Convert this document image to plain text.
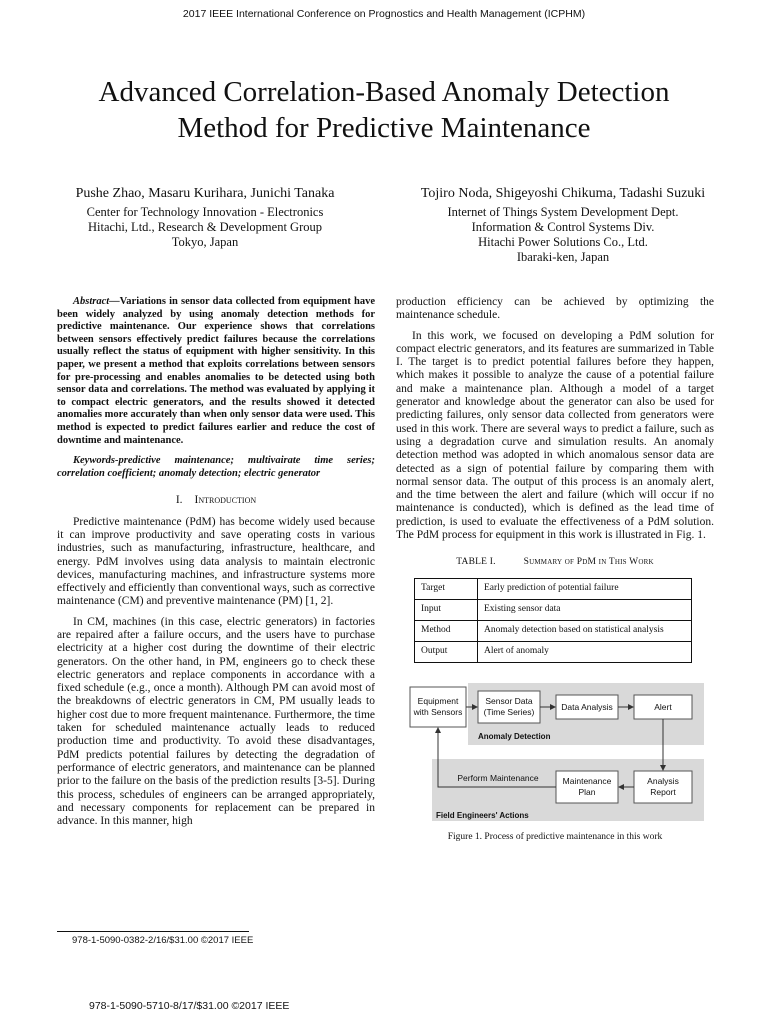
2017 IEEE International Conference on Prognostics and Health Management (ICPHM)
Advanced Correlation-Based Anomaly Detection
Method for Predictive Maintenance
Pushe Zhao, Masaru Kurihara, Junichi Tanaka
Center for Technology Innovation - Electronics
Hitachi, Ltd., Research & Development Group
Tokyo, Japan
Tojiro Noda, Shigeyoshi Chikuma, Tadashi Suzuki
Internet of Things System Development Dept.
Information & Control Systems Div.
Hitachi Power Solutions Co., Ltd.
Ibaraki-ken, Japan

Abstract—Variations in sensor data collected from equipment have been widely analyzed by using anomaly detection methods for predictive maintenance. Our experience shows that correlations between sensors effectively predict failures because the correlations usually reflect the status of equipment with higher sensitivity. In this paper, we present a method that exploits correlations between sensors for pre-processing and enables anomalies to be detected using both sensor data and correlations. The method was evaluated by applying it to compact electric generators, and the results showed it detected anomalies more accurately than when only sensor data were used. This method is expected to predict failures earlier and reduce the cost of downtime and maintenance.

Keywords-predictive maintenance; multivairate time series; correlation coefficient; anomaly detection; electric generator

I. Introduction

Predictive maintenance (PdM) has become widely used because it can improve productivity and save operating costs in various industries, such as manufacturing, infrastructure, healthcare, and energy. PdM involves using data analysis to maintain electronic devices, manufacturing machines, and infrastructure systems more effectively and efficiently than conventional ways, such as corrective maintenance (CM) and preventive maintenance (PM) [1, 2].

In CM, machines (in this case, electric generators) in factories are repaired after a failure occurs, and the users have to purchase electricity at a higher cost during the downtime of their electric generators. On the other hand, in PM, engineers go to check these electric generators and replace components in accordance with a fixed schedule (e.g., once a month). Although PM can avoid most of the breakdowns of electric generators in CM, PM usually leads to higher cost due to more frequent maintenance. Furthermore, the time taken for scheduled maintenance actually leads to reduced production time and productivity. To avoid these disadvantages, PdM predicts potential failures by detecting the degradation of performance of electric generators, and maintenance can be planned prior to the failure on the basis of the prediction results [3-5]. During this process, schedules of engineers can be arranged appropriately, and necessary components for replacement can be prepared in advance. In this manner, high

production efficiency can be achieved by optimizing the maintenance schedule.

In this work, we focused on developing a PdM solution for compact electric generators, and its features are summarized in Table I. The target is to predict potential failures before they happen, which makes it possible to analyze the cause of a potential failure and make a maintenance plan. Although a model of a target generator and knowledge about the generator can also be used for predicting failures, only sensor data collected from generators were used in this work. There are several ways to predict a failure, such as using a degradation curve and simulation results. An anomaly detection method was adopted in which anomalous sensor data are detected as a sign of potential failure by comparing them with normal sensor data. The output of this process is an anomaly alert, and the time between the alert and failure (which will occur if no maintenance is conducted), which is defined as the lead time of prediction, is used to evaluate the effectiveness of a PdM solution. The PdM process for equipment in this work is illustrated in Fig. 1.

TABLE I.	Summary of PdM in This Work
Target	Early prediction of potential failure
Input	Existing sensor data
Method	Anomaly detection based on statistical analysis
Output	Alert of anomaly
Equipment
with Sensors
Sensor Data
(Time Series)	Data Analysis	Alert
Maintenance
Plan
Analysis
Report
Perform Maintenance
Anomaly Detection
Field Engineers' Actions
Figure 1. Process of predictive maintenance in this work
978-1-5090-0382-2/16/$31.00 ©2017 IEEE
978-1-5090-5710-8/17/$31.00 ©2017 IEEE
